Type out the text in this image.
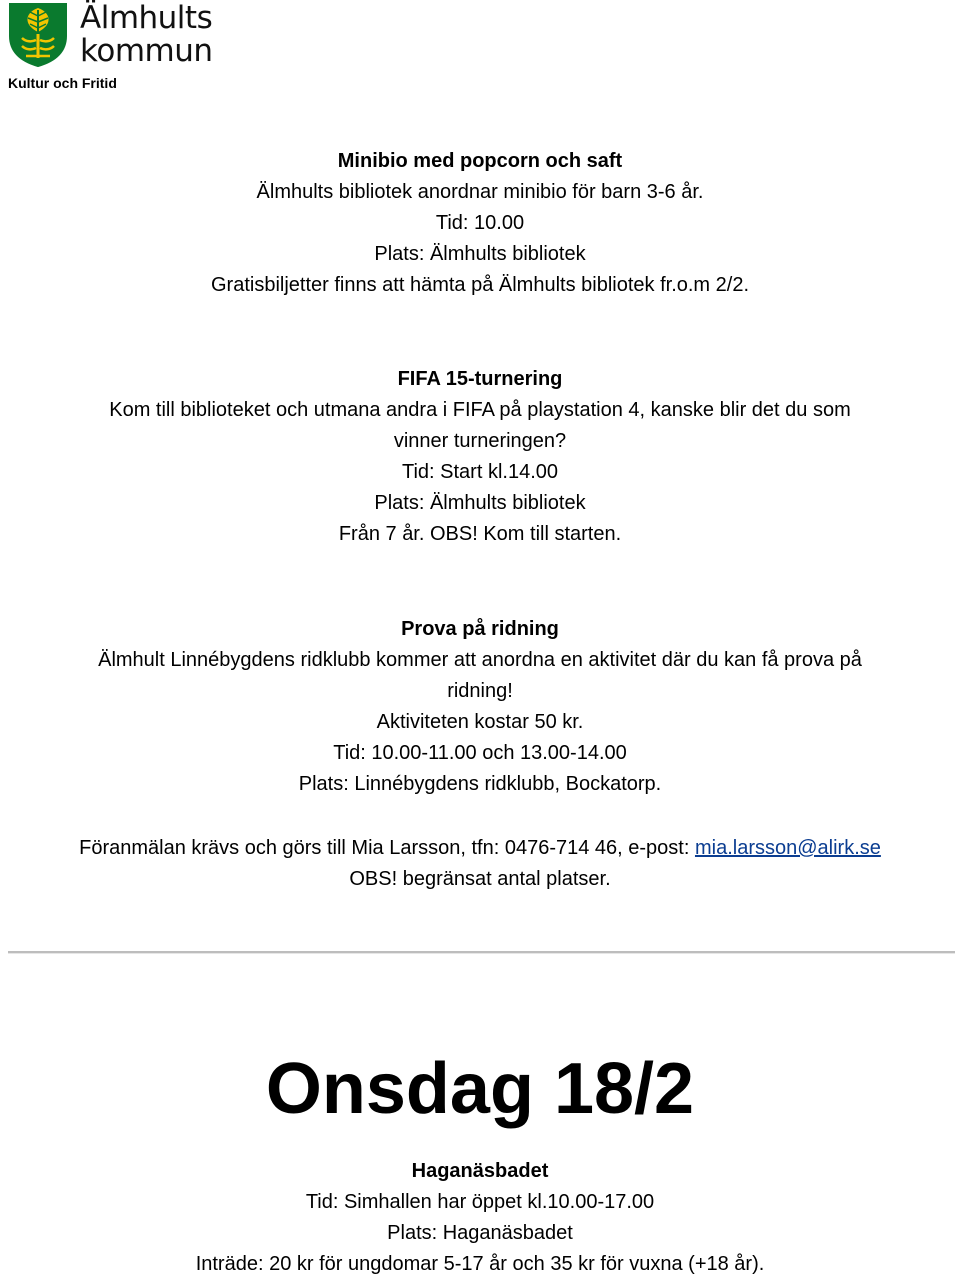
Älmhults
kommun
Kultur och Fritid
Minibio med popcorn och saft
Älmhults bibliotek anordnar minibio för barn 3-6 år.
Tid: 10.00
Plats: Älmhults bibliotek
Gratisbiljetter finns att hämta på Älmhults bibliotek fr.o.m 2/2.
FIFA 15-turnering
Kom till biblioteket och utmana andra i FIFA på playstation 4, kanske blir det du som
vinner turneringen?
Tid: Start kl.14.00
Plats: Älmhults bibliotek
Från 7 år. OBS! Kom till starten.
Prova på ridning
Älmhult Linnébygdens ridklubb kommer att anordna en aktivitet där du kan få prova på
ridning!
Aktiviteten kostar 50 kr.
Tid: 10.00-11.00 och 13.00-14.00
Plats: Linnébygdens ridklubb, Bockatorp.
Föranmälan krävs och görs till Mia Larsson, tfn: 0476-714 46, e-post: mia.larsson@alirk.se
OBS! begränsat antal platser.
Onsdag 18/2
Haganäsbadet
Tid: Simhallen har öppet kl.10.00-17.00
Plats: Haganäsbadet
Inträde: 20 kr för ungdomar 5-17 år och 35 kr för vuxna (+18 år).
